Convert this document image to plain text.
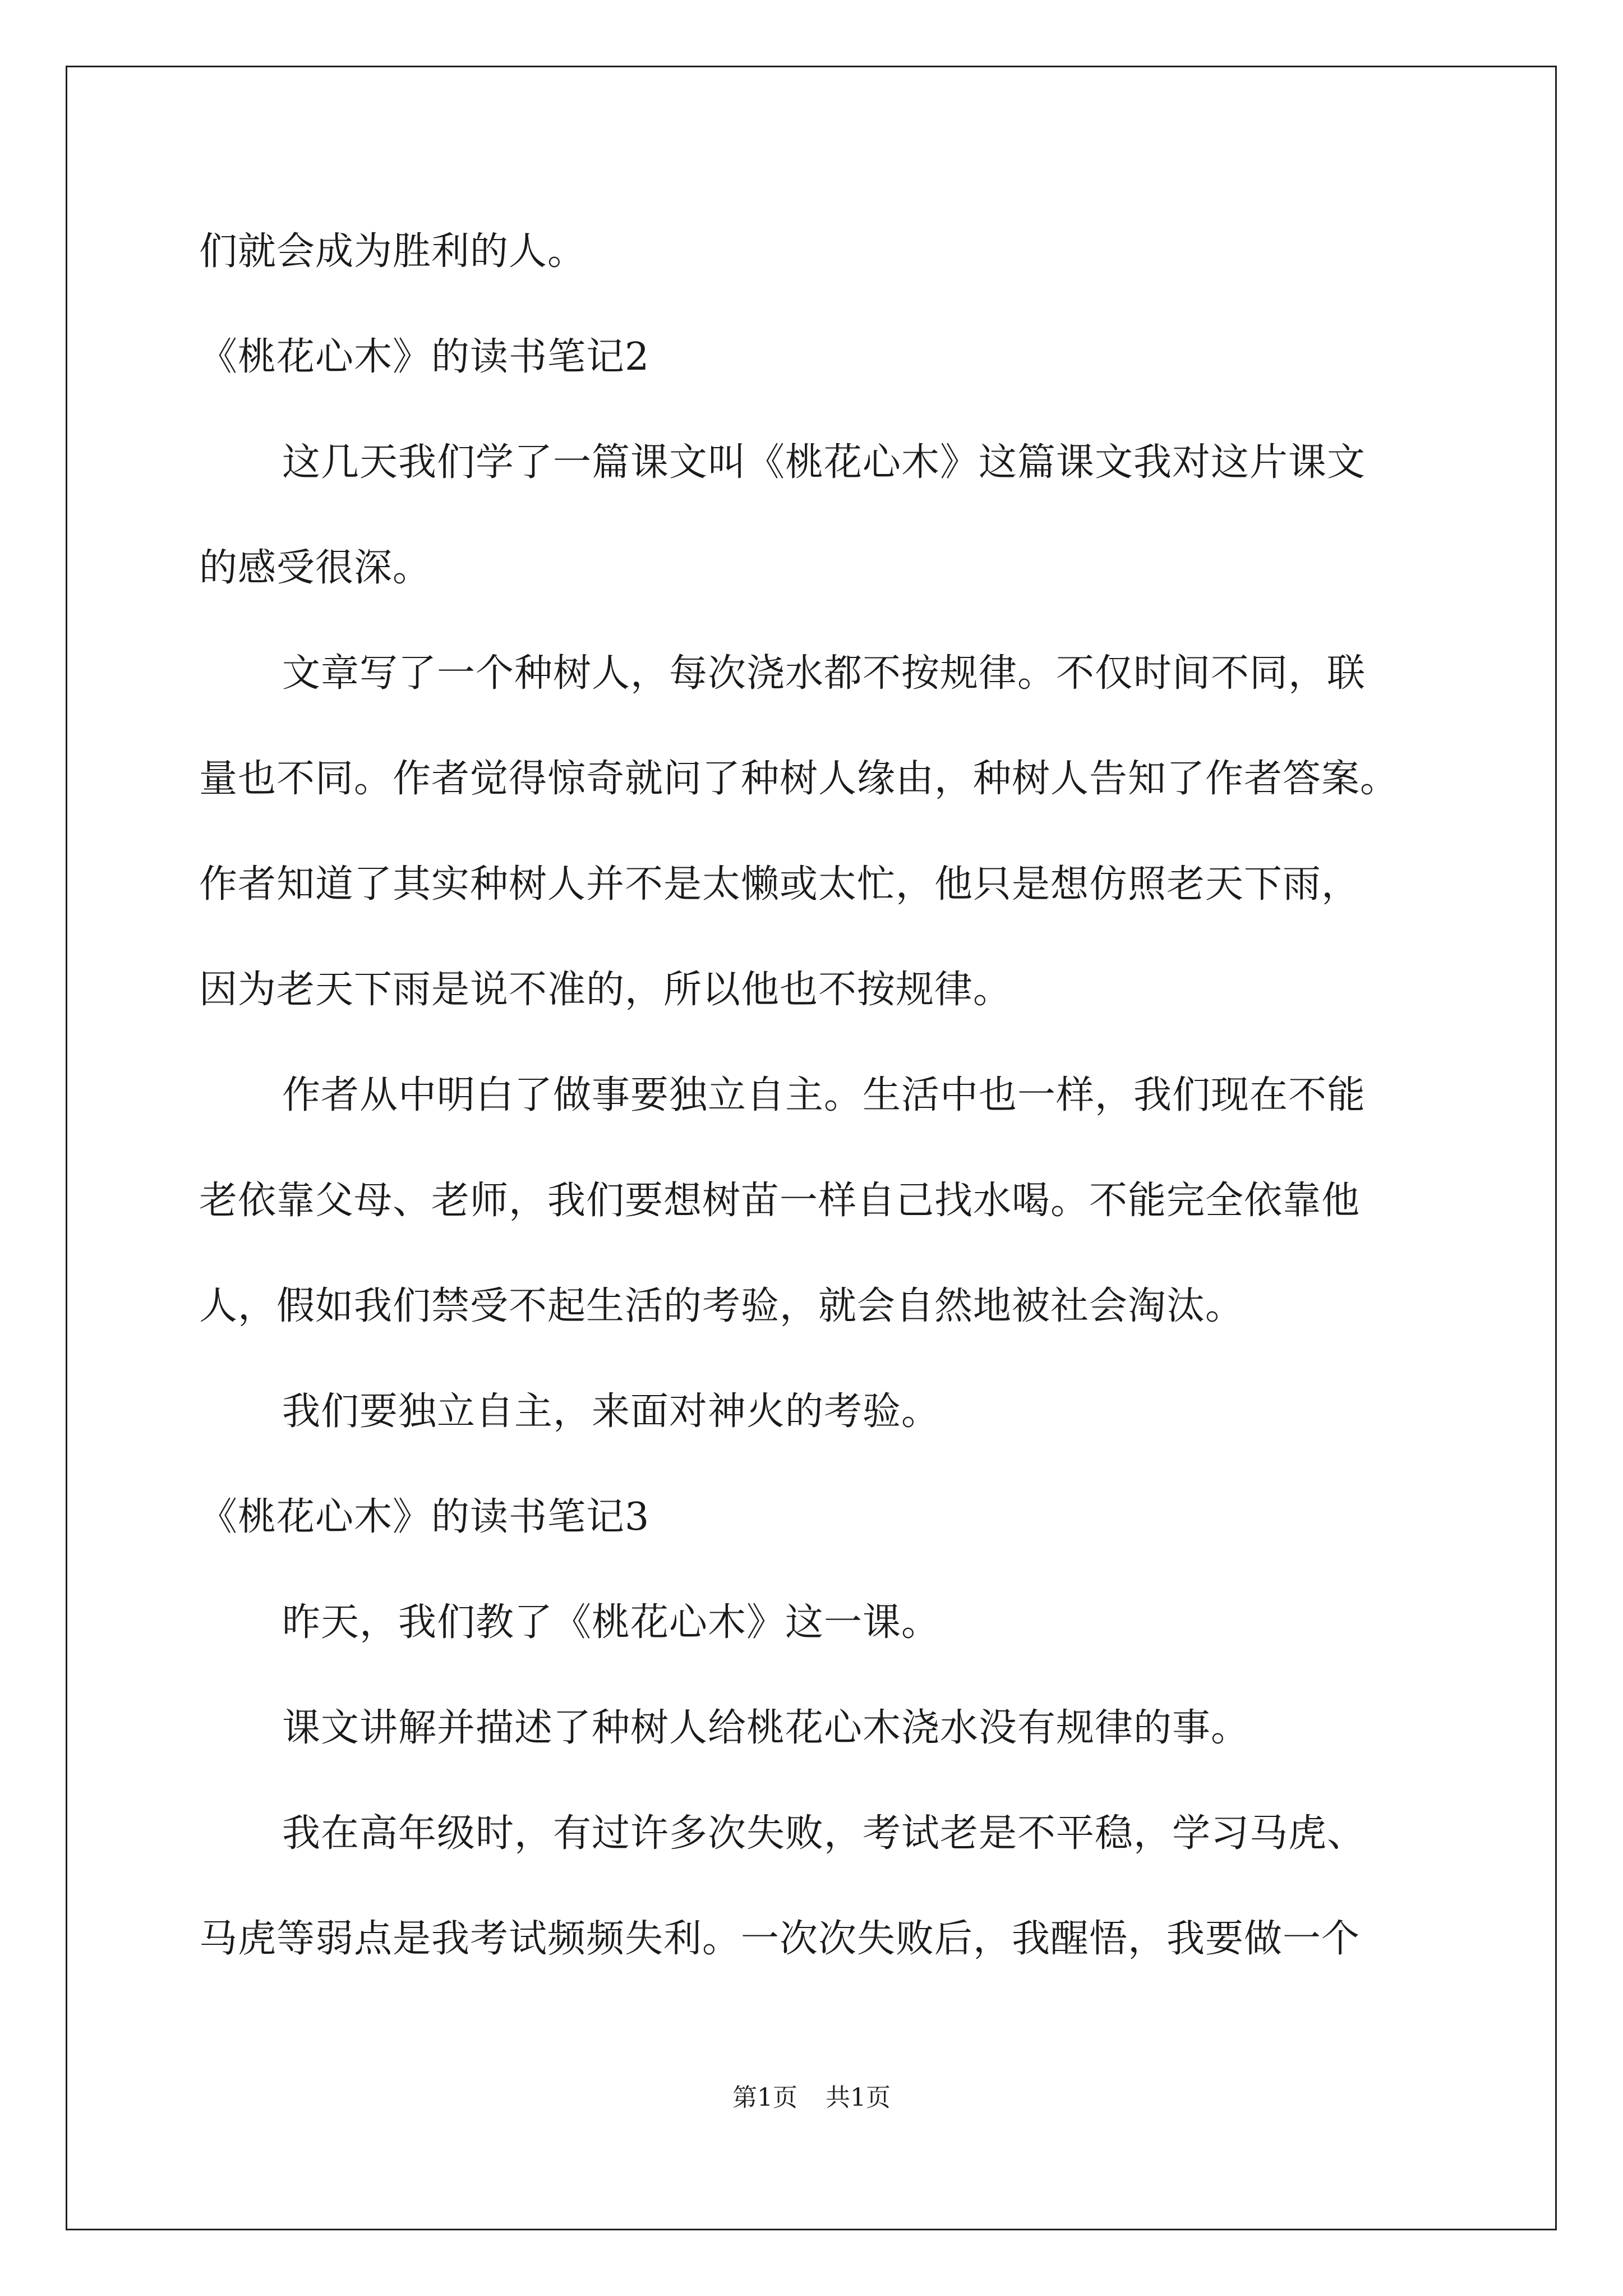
们就会成为胜利的人。
《桃花心木》的读书笔记2
这几天我们学了一篇课文叫《桃花心木》这篇课文我对这片课文
的感受很深。
文章写了一个种树人，每次浇水都不按规律。不仅时间不同，联
量也不同。作者觉得惊奇就问了种树人缘由，种树人告知了作者答案。
作者知道了其实种树人并不是太懒或太忙，他只是想仿照老天下雨，
因为老天下雨是说不准的，所以他也不按规律。
作者从中明白了做事要独立自主。生活中也一样，我们现在不能
老依靠父母、老师，我们要想树苗一样自己找水喝。不能完全依靠他
人，假如我们禁受不起生活的考验，就会自然地被社会淘汰。
我们要独立自主，来面对神火的考验。
《桃花心木》的读书笔记3
昨天，我们教了《桃花心木》这一课。
课文讲解并描述了种树人给桃花心木浇水没有规律的事。
我在高年级时，有过许多次失败，考试老是不平稳，学习马虎、
马虎等弱点是我考试频频失利。一次次失败后，我醒悟，我要做一个
第1页 共1页
